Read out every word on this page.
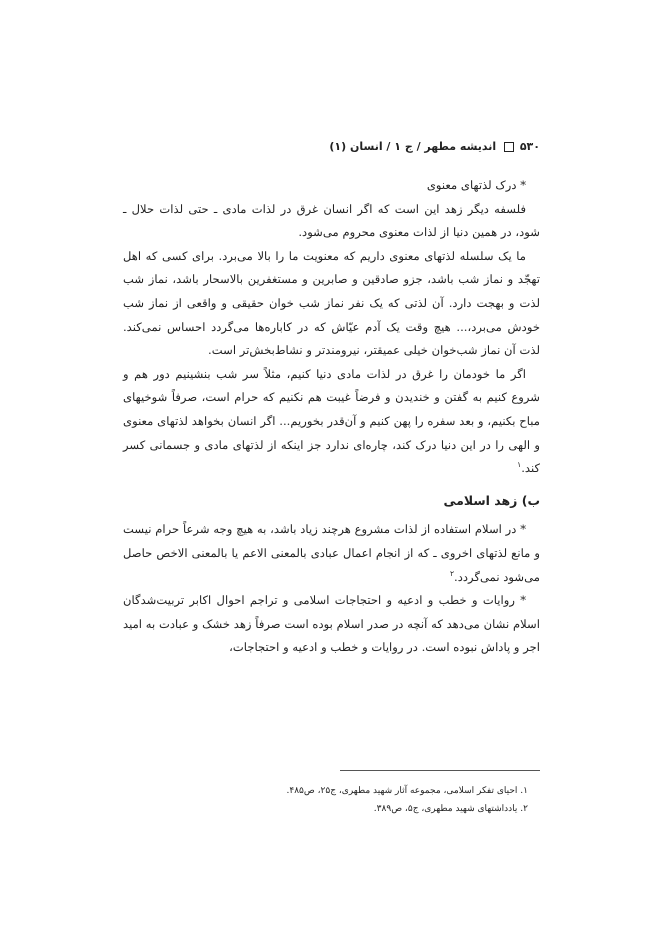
۵۳۰  اندیشه مطهر / ج ۱ / انسان (۱)

* درک لذتهای معنوی

فلسفه دیگر زهد این است که اگر انسان غرق در لذات مادی ـ حتی لذات حلال ـ شود، در همین دنیا از لذات معنوی محروم می‌شود.

ما یک سلسله لذتهای معنوی داریم که معنویت ما را بالا می‌برد. برای کسی که اهل تهجّد و نماز شب باشد، جزو صادقین و صابرین و مستغفرین بالاسحار باشد، نماز شب لذت و بهجت دارد. آن لذتی که یک نفر نماز شب خوان حقیقی و واقعی از نماز شب خودش می‌برد،... هیچ وقت یک آدم عیّاش که در کاباره‌ها می‌گردد احساس نمی‌کند. لذت آن نماز شب‌خوان خیلی عمیقتر، نیرومندتر و نشاط‌بخش‌تر است.

اگر ما خودمان را غرق در لذات مادی دنیا کنیم، مثلاً سر شب بنشینیم دور هم و شروع کنیم به گفتن و خندیدن و فرضاً غیبت هم نکنیم که حرام است، صرفاً شوخیهای مباح بکنیم، و بعد سفره را پهن کنیم و آن‌قدر بخوریم... اگر انسان بخواهد لذتهای معنوی و الهی را در این دنیا درک کند، چاره‌ای ندارد جز اینکه از لذتهای مادی و جسمانی کسر کند.$^۱$

ب) زهد اسلامی

* در اسلام استفاده از لذات مشروع هرچند زیاد باشد، به هیچ وجه شرعاً حرام نیست و مانع لذتهای اخروی ـ که از انجام اعمال عبادی بالمعنی الاعم یا بالمعنی الاخص حاصل می‌شود نمی‌گردد.$^۲$

* روایات و خطب و ادعیه و احتجاجات اسلامی و تراجم احوال اکابر تربیت‌شدگان اسلام نشان می‌دهد که آنچه در صدر اسلام بوده است صرفاً زهد خشک و عبادت به امید اجر و پاداش نبوده است. در روایات و خطب و ادعیه و احتجاجات،

۱. احیای تفکر اسلامی، مجموعه آثار شهید مطهری، ج۲۵، ص۴۸۵.

۲. یادداشتهای شهید مطهری، ج۵، ص۳۸۹.
